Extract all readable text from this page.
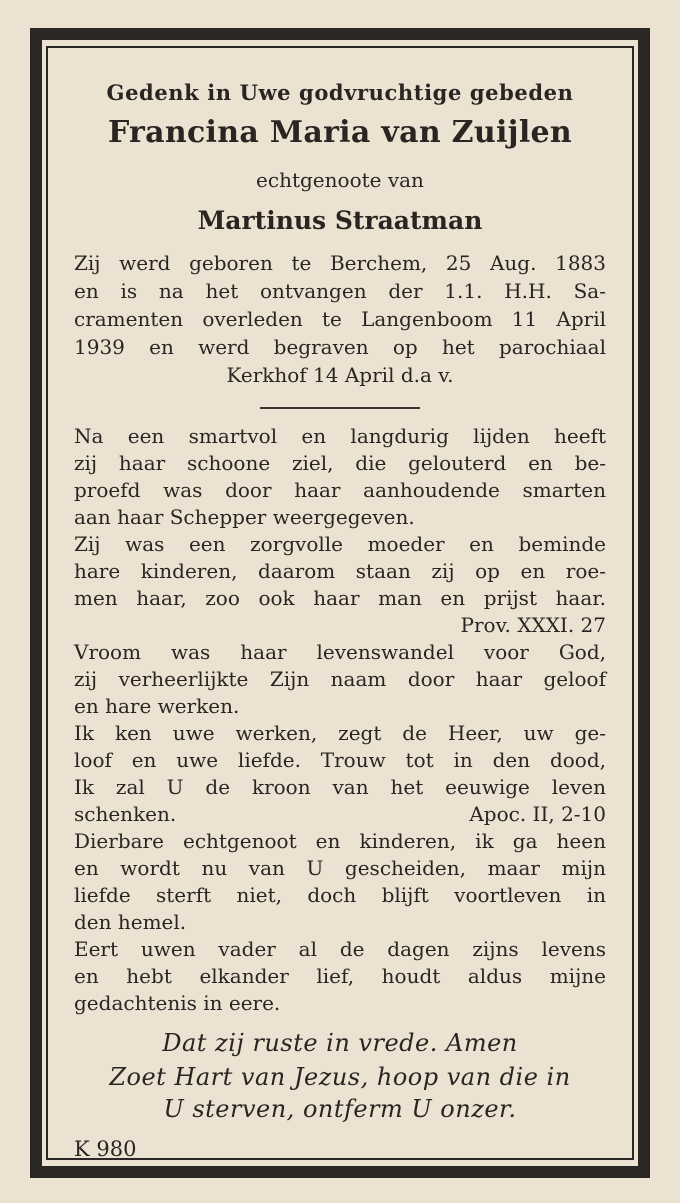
Gedenk in Uwe godvruchtige gebeden
Francina Maria van Zuijlen
echtgenoote van
Martinus Straatman
Zij werd geboren te Berchem, 25 Aug. 1883
en is na het ontvangen der 1.1. H.H. Sa-
cramenten overleden te Langenboom 11 April
1939 en werd begraven op het parochiaal
Kerkhof 14 April d.a v.
Na een smartvol en langdurig lijden heeft
zij haar schoone ziel, die gelouterd en be-
proefd was door haar aanhoudende smarten
aan haar Schepper weergegeven.
Zij was een zorgvolle moeder en beminde
hare kinderen, daarom staan zij op en roe-
men haar, zoo ook haar man en prijst haar.
Prov. XXXI. 27
Vroom was haar levenswandel voor God,
zij verheerlijkte Zijn naam door haar geloof
en hare werken.
Ik ken uwe werken, zegt de Heer, uw ge-
loof en uwe liefde. Trouw tot in den dood,
Ik zal U de kroon van het eeuwige leven
schenken.	Apoc. II, 2-10
Dierbare echtgenoot en kinderen, ik ga heen
en wordt nu van U gescheiden, maar mijn
liefde sterft niet, doch blijft voortleven in
den hemel.
Eert uwen vader al de dagen zijns levens
en hebt elkander lief, houdt aldus mijne
gedachtenis in eere.
Dat zij ruste in vrede. Amen
Zoet Hart van Jezus, hoop van die in
U sterven, ontferm U onzer.
K 980
